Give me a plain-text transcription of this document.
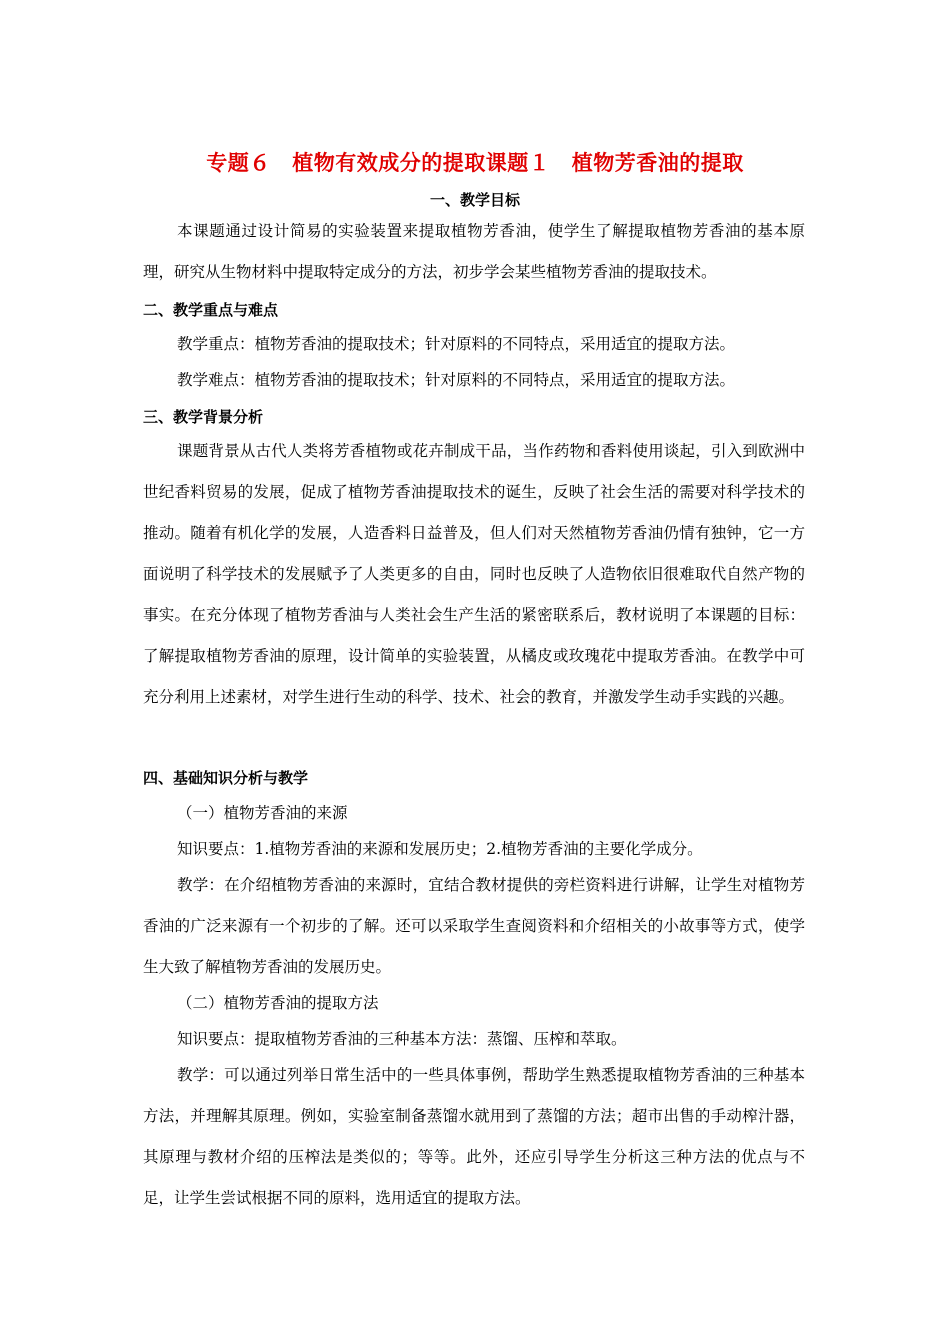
专题６　植物有效成分的提取课题１　植物芳香油的提取
一、教学目标
本课题通过设计简易的实验装置来提取植物芳香油，使学生了解提取植物芳香油的基本原理，研究从生物材料中提取特定成分的方法，初步学会某些植物芳香油的提取技术。
二、教学重点与难点
教学重点：植物芳香油的提取技术；针对原料的不同特点，采用适宜的提取方法。
教学难点：植物芳香油的提取技术；针对原料的不同特点，采用适宜的提取方法。
三、教学背景分析
课题背景从古代人类将芳香植物或花卉制成干品，当作药物和香料使用谈起，引入到欧洲中世纪香料贸易的发展，促成了植物芳香油提取技术的诞生，反映了社会生活的需要对科学技术的推动。随着有机化学的发展，人造香料日益普及，但人们对天然植物芳香油仍情有独钟，它一方面说明了科学技术的发展赋予了人类更多的自由，同时也反映了人造物依旧很难取代自然产物的事实。在充分体现了植物芳香油与人类社会生产生活的紧密联系后，教材说明了本课题的目标：了解提取植物芳香油的原理，设计简单的实验装置，从橘皮或玫瑰花中提取芳香油。在教学中可充分利用上述素材，对学生进行生动的科学、技术、社会的教育，并激发学生动手实践的兴趣。
四、基础知识分析与教学
（一）植物芳香油的来源
知识要点：1.植物芳香油的来源和发展历史；2.植物芳香油的主要化学成分。
教学：在介绍植物芳香油的来源时，宜结合教材提供的旁栏资料进行讲解，让学生对植物芳香油的广泛来源有一个初步的了解。还可以采取学生查阅资料和介绍相关的小故事等方式，使学生大致了解植物芳香油的发展历史。
（二）植物芳香油的提取方法
知识要点：提取植物芳香油的三种基本方法：蒸馏、压榨和萃取。
教学：可以通过列举日常生活中的一些具体事例，帮助学生熟悉提取植物芳香油的三种基本方法，并理解其原理。例如，实验室制备蒸馏水就用到了蒸馏的方法；超市出售的手动榨汁器，其原理与教材介绍的压榨法是类似的；等等。此外，还应引导学生分析这三种方法的优点与不足，让学生尝试根据不同的原料，选用适宜的提取方法。
